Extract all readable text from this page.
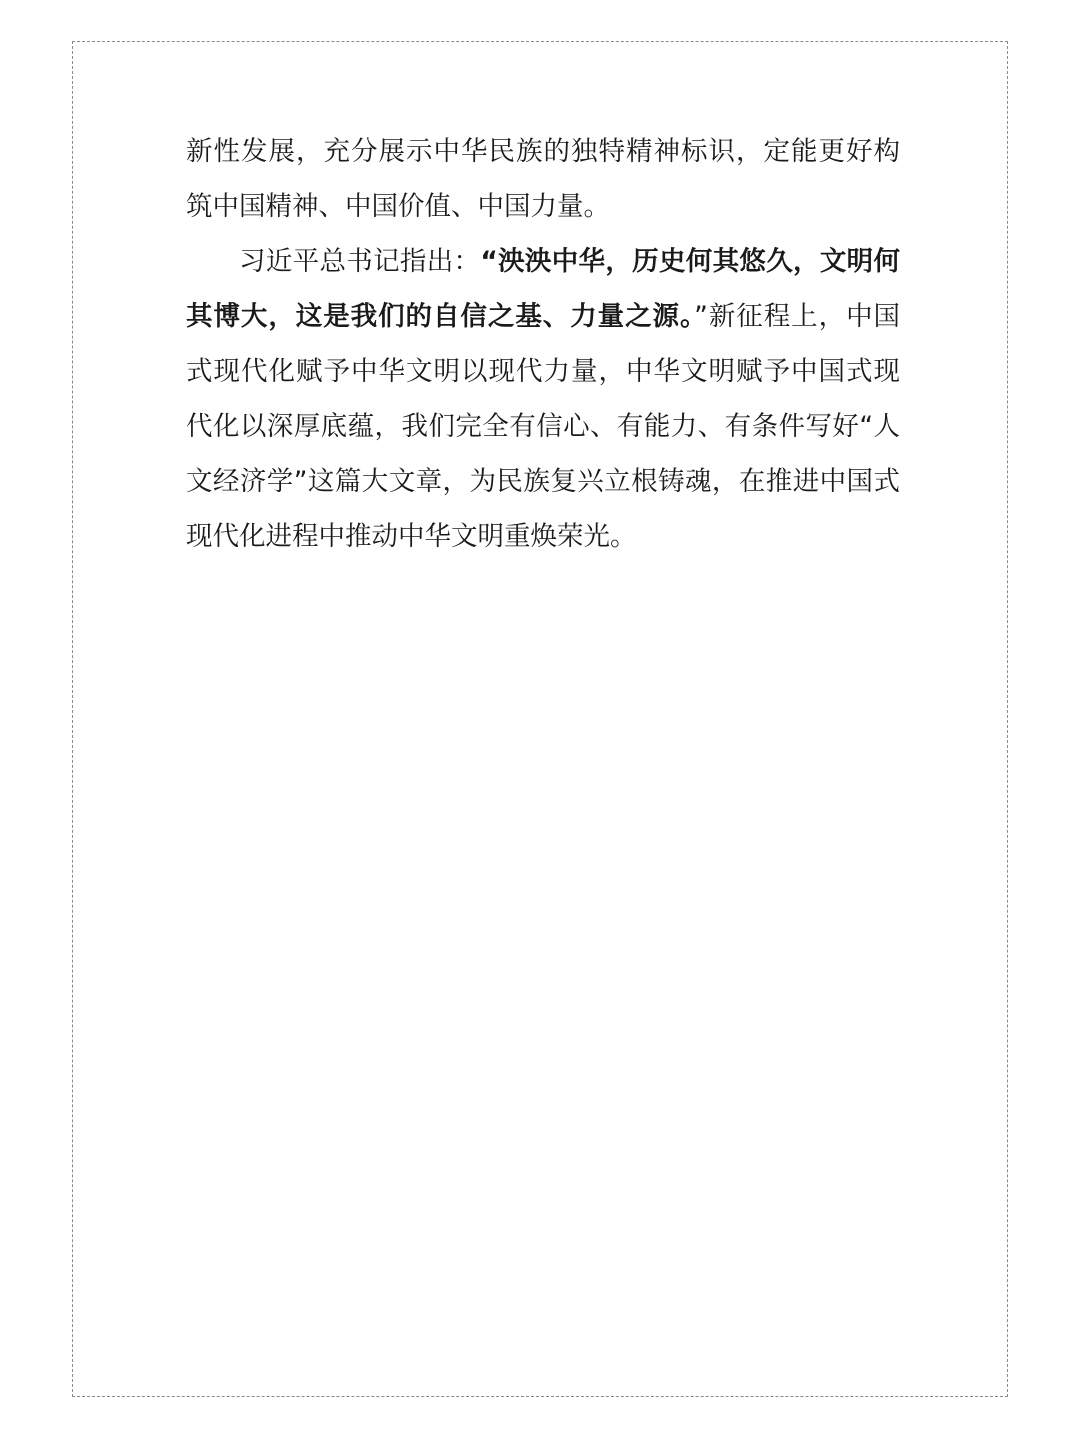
新性发展，充分展示中华民族的独特精神标识，定能更好构筑中国精神、中国价值、中国力量。

习近平总书记指出：“泱泱中华，历史何其悠久，文明何其博大，这是我们的自信之基、力量之源。”新征程上，中国式现代化赋予中华文明以现代力量，中华文明赋予中国式现代化以深厚底蕴，我们完全有信心、有能力、有条件写好“人文经济学”这篇大文章，为民族复兴立根铸魂，在推进中国式现代化进程中推动中华文明重焕荣光。
